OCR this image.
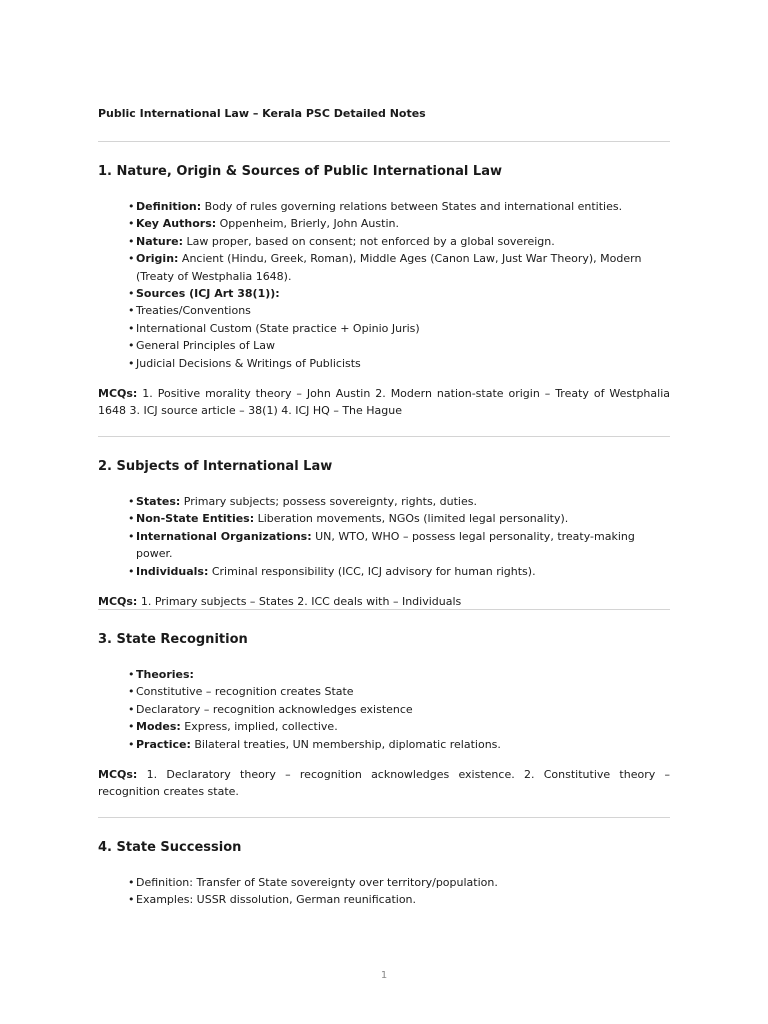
Public International Law – Kerala PSC Detailed Notes
1. Nature, Origin & Sources of Public International Law
• Definition: Body of rules governing relations between States and international entities.
• Key Authors: Oppenheim, Brierly, John Austin.
• Nature: Law proper, based on consent; not enforced by a global sovereign.
• Origin: Ancient (Hindu, Greek, Roman), Middle Ages (Canon Law, Just War Theory), Modern (Treaty of Westphalia 1648).
• Sources (ICJ Art 38(1)):
• Treaties/Conventions
• International Custom (State practice + Opinio Juris)
• General Principles of Law
• Judicial Decisions & Writings of Publicists

MCQs: 1. Positive morality theory – John Austin 2. Modern nation-state origin – Treaty of Westphalia 1648 3. ICJ source article – 38(1) 4. ICJ HQ – The Hague

2. Subjects of International Law
• States: Primary subjects; possess sovereignty, rights, duties.
• Non-State Entities: Liberation movements, NGOs (limited legal personality).
• International Organizations: UN, WTO, WHO – possess legal personality, treaty-making power.
• Individuals: Criminal responsibility (ICC, ICJ advisory for human rights).

MCQs: 1. Primary subjects – States 2. ICC deals with – Individuals

3. State Recognition
• Theories:
• Constitutive – recognition creates State
• Declaratory – recognition acknowledges existence
• Modes: Express, implied, collective.
• Practice: Bilateral treaties, UN membership, diplomatic relations.

MCQs: 1. Declaratory theory – recognition acknowledges existence. 2. Constitutive theory – recognition creates state.

4. State Succession
• Definition: Transfer of State sovereignty over territory/population.
• Examples: USSR dissolution, German reunification.
1
